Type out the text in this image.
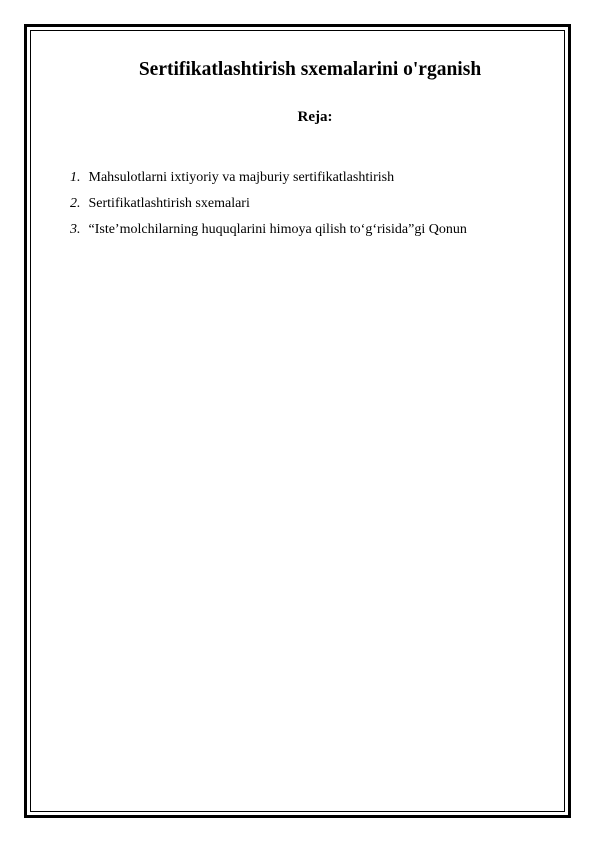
Sertifikatlashtirish sxemalarini o'rganish
Reja:
1. Mahsulotlarni ixtiyoriy va majburiy sertifikatlashtirish
2. Sertifikatlashtirish sxemalari
3. “Iste’molchilarning huquqlarini himoya qilish to‘g‘risida”gi Qonun
